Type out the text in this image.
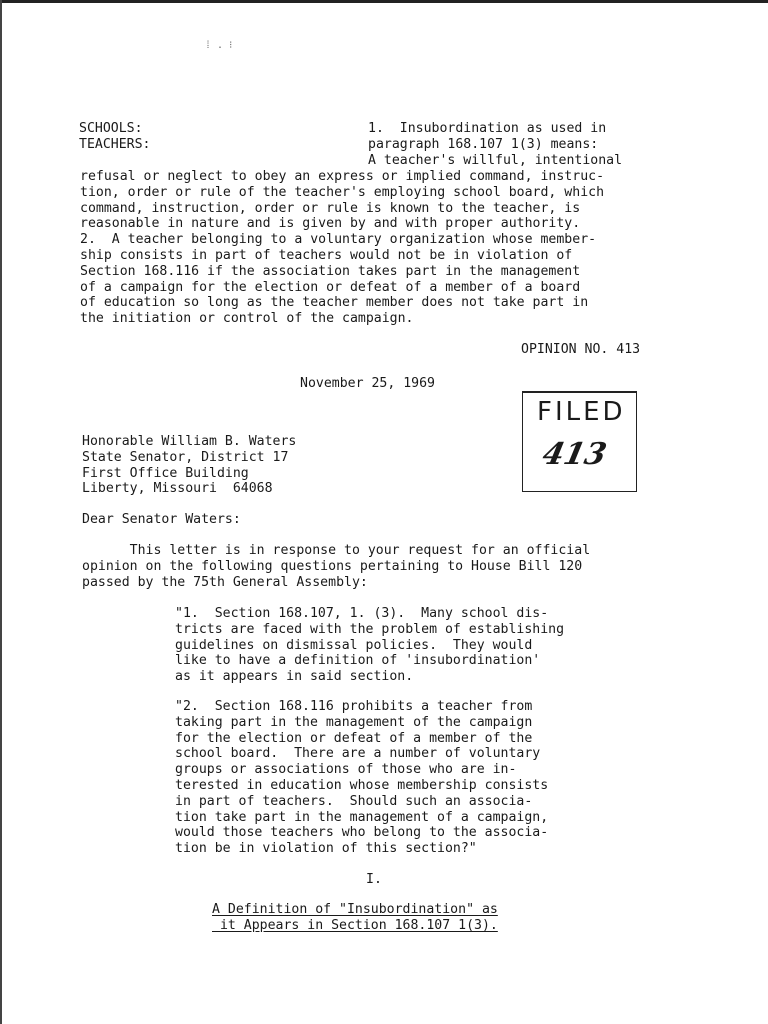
⁞ . ⁝
SCHOOLS:
TEACHERS:
1.  Insubordination as used in
paragraph 168.107 1(3) means:
A teacher's willful, intentional
refusal or neglect to obey an express or implied command, instruc-
tion, order or rule of the teacher's employing school board, which
command, instruction, order or rule is known to the teacher, is
reasonable in nature and is given by and with proper authority.
2.  A teacher belonging to a voluntary organization whose member-
ship consists in part of teachers would not be in violation of
Section 168.116 if the association takes part in the management
of a campaign for the election or defeat of a member of a board
of education so long as the teacher member does not take part in
the initiation or control of the campaign.
OPINION NO. 413
November 25, 1969
FILED
413
Honorable William B. Waters
State Senator, District 17
First Office Building
Liberty, Missouri  64068
Dear Senator Waters:
This letter is in response to your request for an official
opinion on the following questions pertaining to House Bill 120
passed by the 75th General Assembly:
"1.  Section 168.107, 1. (3).  Many school dis-
tricts are faced with the problem of establishing
guidelines on dismissal policies.  They would
like to have a definition of 'insubordination'
as it appears in said section.
"2.  Section 168.116 prohibits a teacher from
taking part in the management of the campaign
for the election or defeat of a member of the
school board.  There are a number of voluntary
groups or associations of those who are in-
terested in education whose membership consists
in part of teachers.  Should such an associa-
tion take part in the management of a campaign,
would those teachers who belong to the associa-
tion be in violation of this section?"
I.
A Definition of "Insubordination" as
it Appears in Section 168.107 1(3).
